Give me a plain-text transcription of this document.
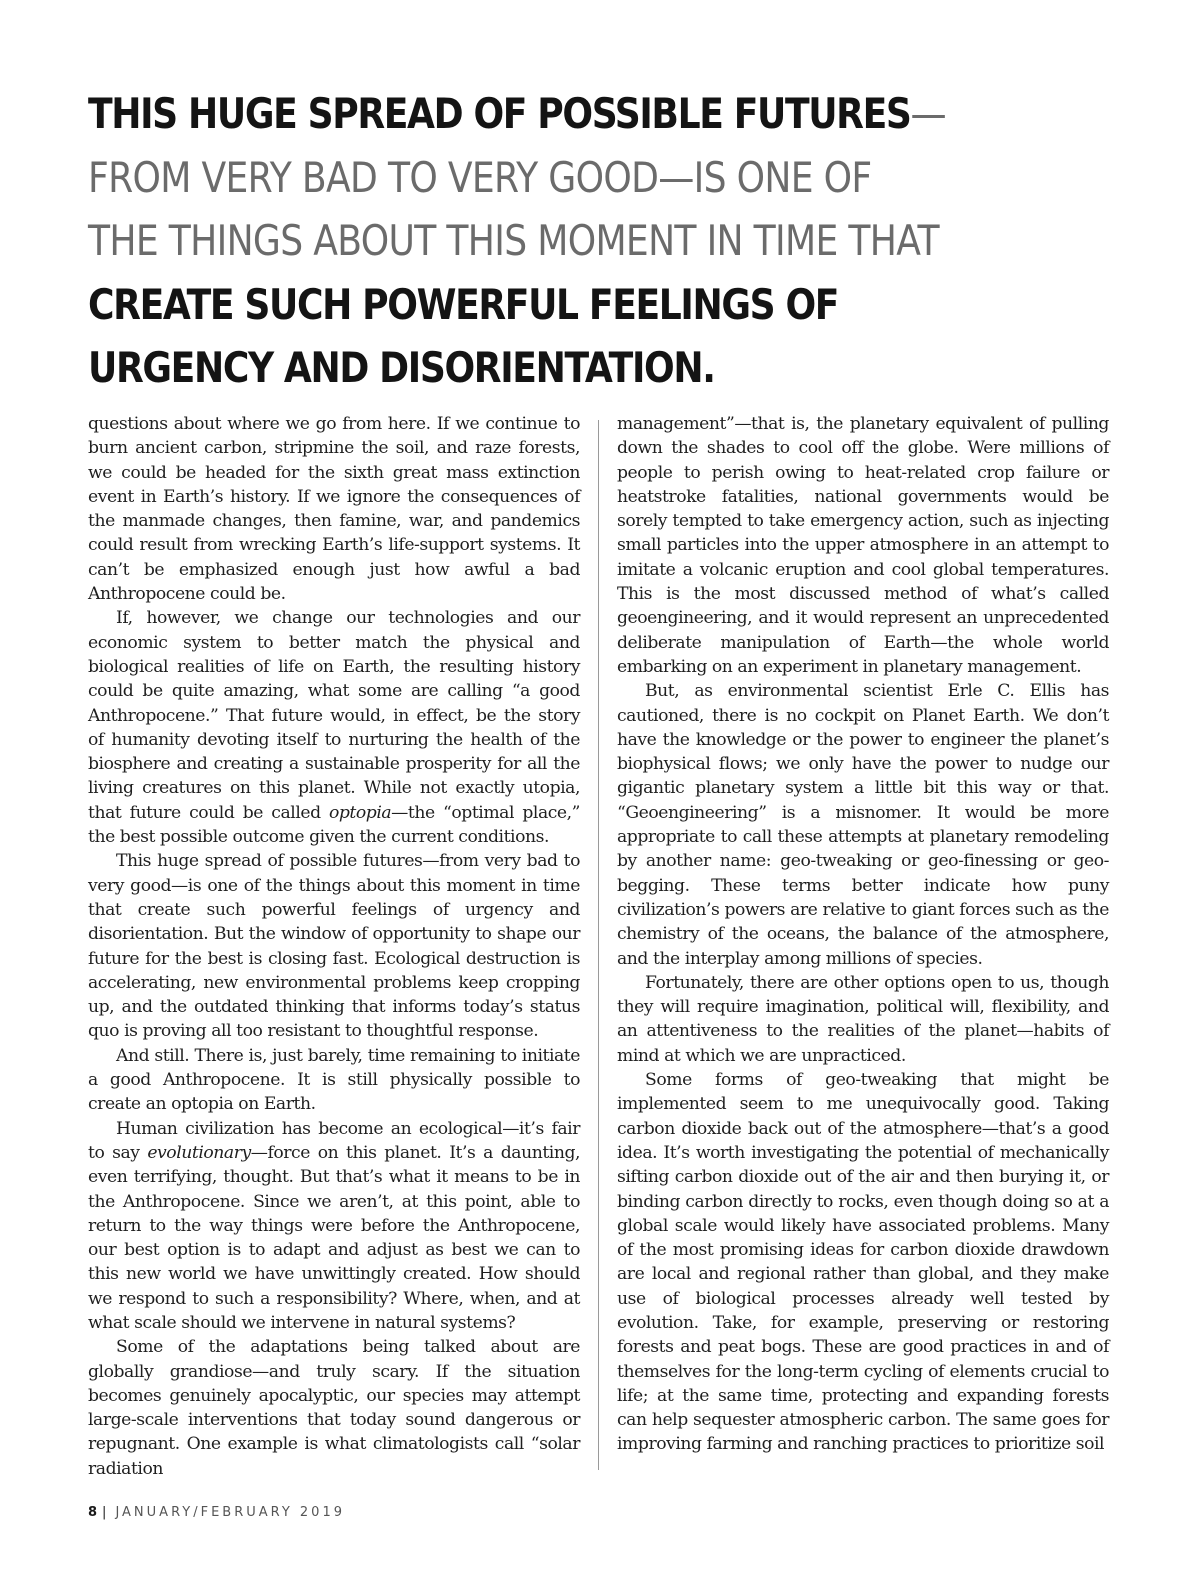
THIS HUGE SPREAD OF POSSIBLE FUTURES—FROM VERY BAD TO VERY GOOD—IS ONE OF THE THINGS ABOUT THIS MOMENT IN TIME THAT CREATE SUCH POWERFUL FEELINGS OF URGENCY AND DISORIENTATION.

questions about where we go from here. If we continue to burn ancient carbon, stripmine the soil, and raze forests, we could be headed for the sixth great mass extinction event in Earth’s history. If we ignore the consequences of the manmade changes, then famine, war, and pandemics could result from wrecking Earth’s life-support systems. It can’t be emphasized enough just how awful a bad Anthropocene could be.

If, however, we change our technologies and our economic system to better match the physical and biological realities of life on Earth, the resulting history could be quite amazing, what some are calling “a good Anthropocene.” That future would, in effect, be the story of humanity devoting itself to nurturing the health of the biosphere and creating a sustainable prosperity for all the living creatures on this planet. While not exactly utopia, that future could be called optopia—the “optimal place,” the best possible outcome given the current conditions.

This huge spread of possible futures—from very bad to very good—is one of the things about this moment in time that create such powerful feelings of urgency and disorientation. But the window of opportunity to shape our future for the best is closing fast. Ecological destruction is accelerating, new environmental problems keep cropping up, and the outdated thinking that informs today’s status quo is proving all too resistant to thoughtful response.

And still. There is, just barely, time remaining to initiate a good Anthropocene. It is still physically possible to create an optopia on Earth.

Human civilization has become an ecological—it’s fair to say evolutionary—force on this planet. It’s a daunting, even terrifying, thought. But that’s what it means to be in the Anthropocene. Since we aren’t, at this point, able to return to the way things were before the Anthropocene, our best option is to adapt and adjust as best we can to this new world we have unwittingly created. How should we respond to such a responsibility? Where, when, and at what scale should we intervene in natural systems?

Some of the adaptations being talked about are globally grandiose—and truly scary. If the situation becomes genuinely apocalyptic, our species may attempt large-scale interventions that today sound dangerous or repugnant. One example is what climatologists call “solar radiation

management”—that is, the planetary equivalent of pulling down the shades to cool off the globe. Were millions of people to perish owing to heat-related crop failure or heatstroke fatalities, national governments would be sorely tempted to take emergency action, such as injecting small particles into the upper atmosphere in an attempt to imitate a volcanic eruption and cool global temperatures. This is the most discussed method of what’s called geoengineering, and it would represent an unprecedented deliberate manipulation of Earth—the whole world embarking on an experiment in planetary management.

But, as environmental scientist Erle C. Ellis has cautioned, there is no cockpit on Planet Earth. We don’t have the knowledge or the power to engineer the planet’s biophysical flows; we only have the power to nudge our gigantic planetary system a little bit this way or that. “Geoengineering” is a misnomer. It would be more appropriate to call these attempts at planetary remodeling by another name: geo-tweaking or geo-finessing or geo-begging. These terms better indicate how puny civilization’s powers are relative to giant forces such as the chemistry of the oceans, the balance of the atmosphere, and the interplay among millions of species.

Fortunately, there are other options open to us, though they will require imagination, political will, flexibility, and an attentiveness to the realities of the planet—habits of mind at which we are unpracticed.

Some forms of geo-tweaking that might be implemented seem to me unequivocally good. Taking carbon dioxide back out of the atmosphere—that’s a good idea. It’s worth investigating the potential of mechanically sifting carbon dioxide out of the air and then burying it, or binding carbon directly to rocks, even though doing so at a global scale would likely have associated problems. Many of the most promising ideas for carbon dioxide drawdown are local and regional rather than global, and they make use of biological processes already well tested by evolution. Take, for example, preserving or restoring forests and peat bogs. These are good practices in and of themselves for the long-term cycling of elements crucial to life; at the same time, protecting and expanding forests can help sequester atmospheric carbon. The same goes for improving farming and ranching practices to prioritize soil

8 | JANUARY/FEBRUARY 2019
